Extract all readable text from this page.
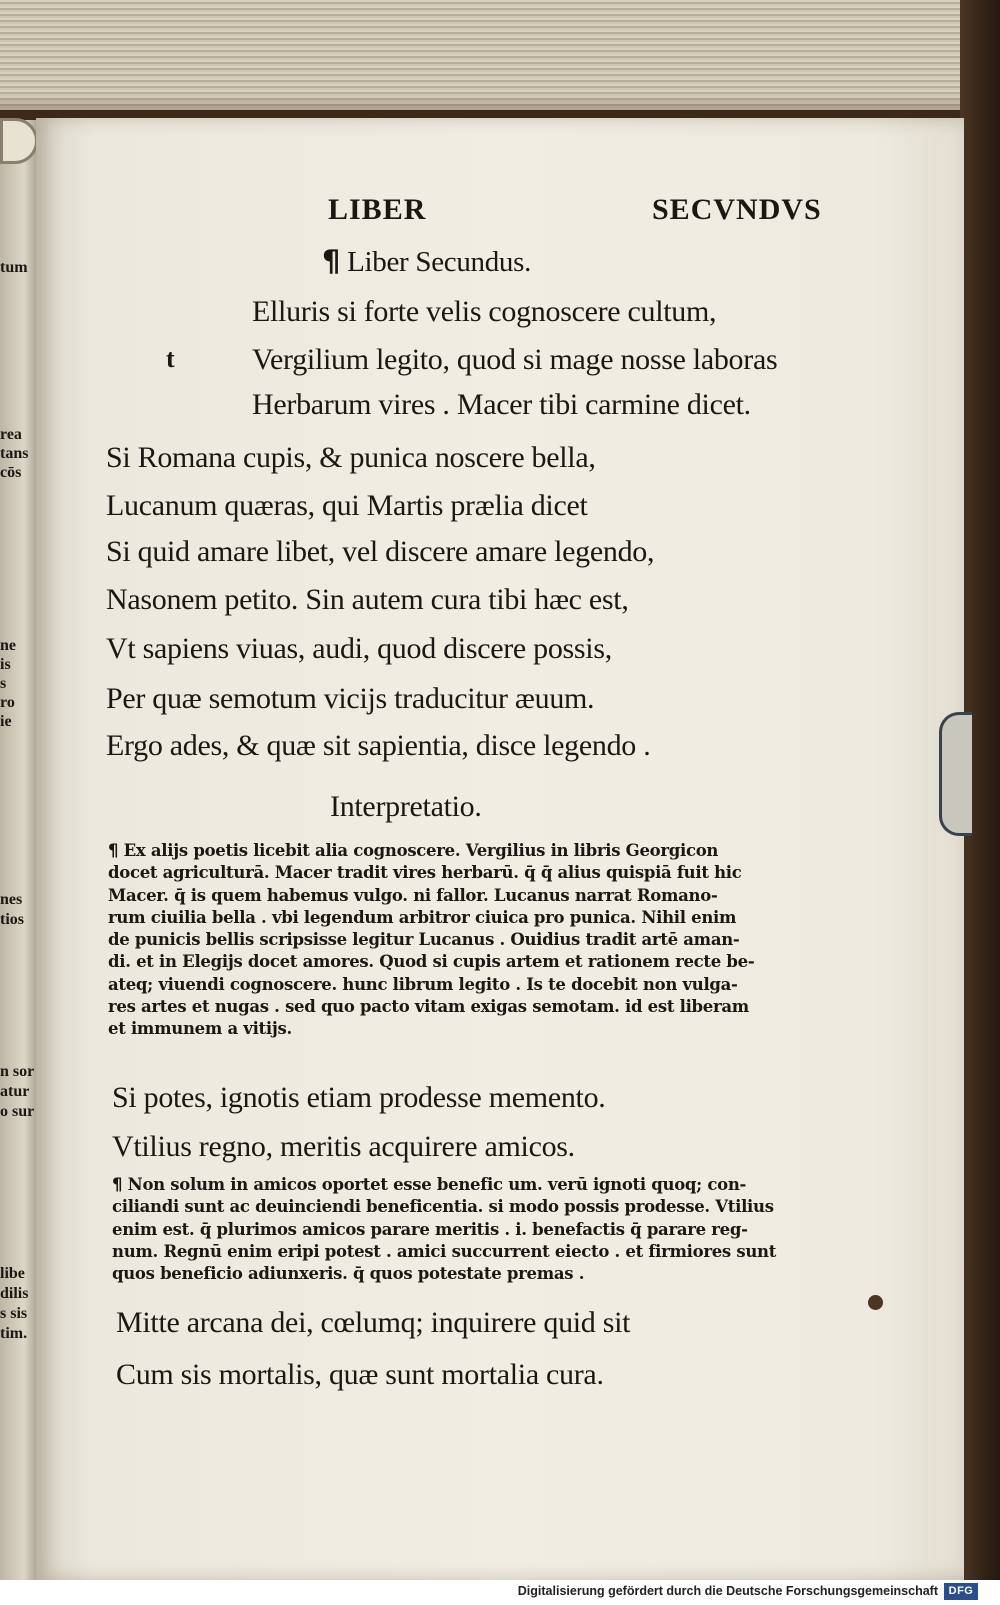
tum
rea
tans
cōs
ne
is
s
ro
ie
nes
tios
n sor
atur
o sur
libe
dilis
s sis
tim.
LIBER	SECVNDVS
¶ Liber Secundus.
t
Elluris si forte velis cognoscere cultum,
Vergilium legito, quod si mage nosse laboras
Herbarum vires . Macer tibi carmine dicet.
Si Romana cupis, & punica noscere bella,
Lucanum quæras, qui Martis prælia dicet
Si quid amare libet, vel discere amare legendo,
Nasonem petito. Sin autem cura tibi hæc est,
Vt sapiens viuas, audi, quod discere possis,
Per quæ semotum vicijs traducitur æuum.
Ergo ades, & quæ sit sapientia, disce legendo .
Interpretatio.
¶ Ex alijs poetis licebit alia cognoscere. Vergilius in libris Georgicon
docet agriculturā. Macer tradit vires herbarū. q̄ q̄ alius quispiā fuit hic
Macer. q̄ is quem habemus vulgo. ni fallor. Lucanus narrat Romano-
rum ciuilia bella . vbi legendum arbitror ciuica pro punica. Nihil enim
de punicis bellis scripsisse legitur Lucanus . Ouidius tradit artē aman-
di. et in Elegijs docet amores. Quod si cupis artem et rationem recte be-
ateq; viuendi cognoscere. hunc librum legito . Is te docebit non vulga-
res artes et nugas . sed quo pacto vitam exigas semotam. id est liberam
et immunem a vitijs.
Si potes, ignotis etiam prodesse memento.
Vtilius regno, meritis acquirere amicos.
¶ Non solum in amicos oportet esse benefic um. verū ignoti quoq; con-
ciliandi sunt ac deuinciendi beneficentia. si modo possis prodesse. Vtilius
enim est. q̄ plurimos amicos parare meritis . i. benefactis q̄ parare reg-
num. Regnū enim eripi potest . amici succurrent eiecto . et firmiores sunt
quos beneficio adiunxeris. q̄ quos potestate premas .
Mitte arcana dei, cœlumq; inquirere quid sit
Cum sis mortalis, quæ sunt mortalia cura.
Digitalisierung gefördert durch die Deutsche Forschungsgemeinschaft DFG
